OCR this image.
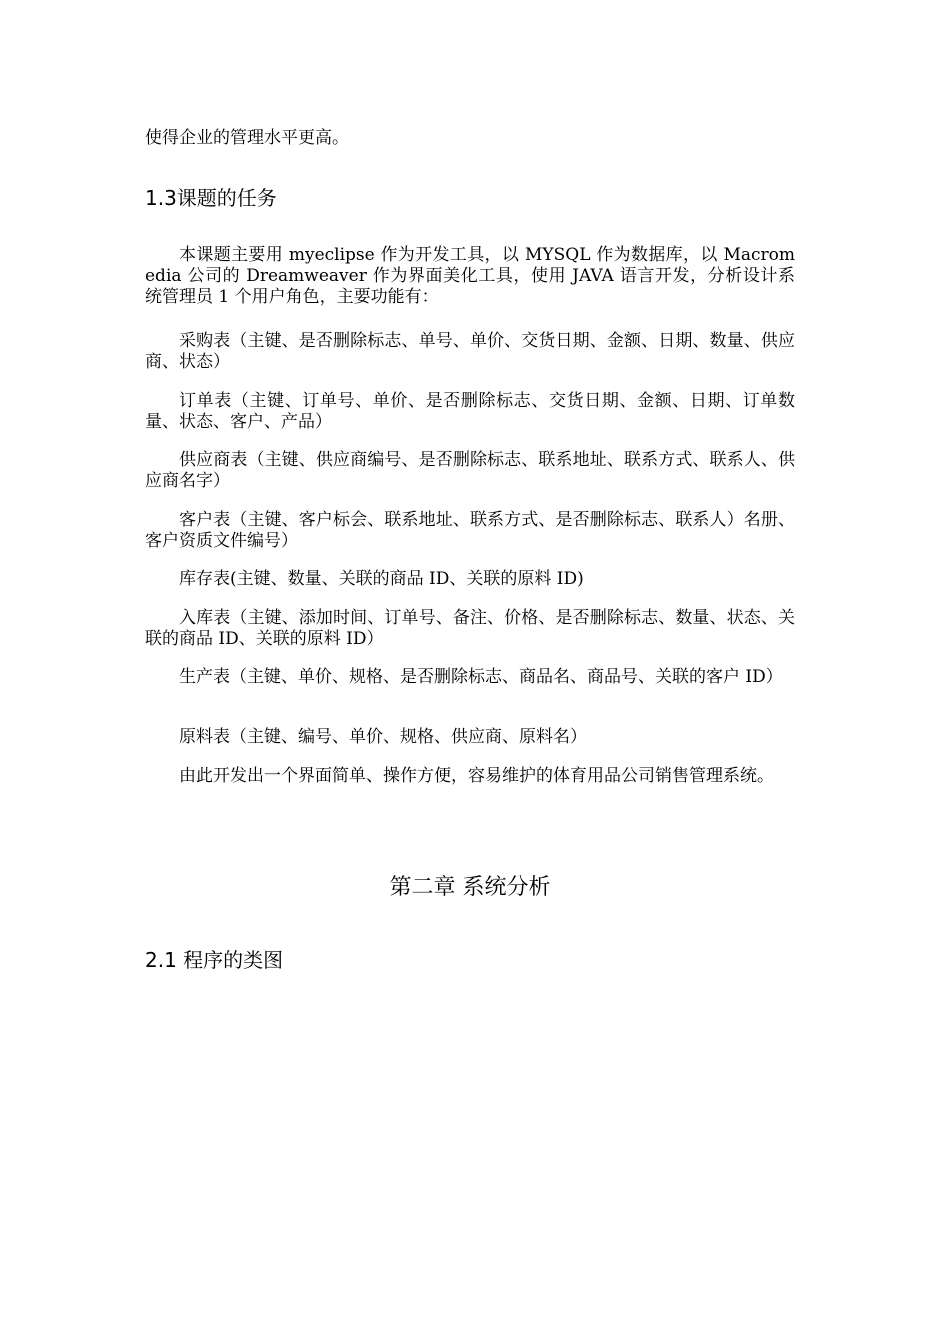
使得企业的管理水平更高。
1.3课题的任务
本课题主要用 myeclipse 作为开发工具，以 MYSQL 作为数据库，以 Macromedia 公司的 Dreamweaver 作为界面美化工具，使用 JAVA 语言开发，分析设计系统管理员 1 个用户角色，主要功能有：
采购表（主键、是否删除标志、单号、单价、交货日期、金额、日期、数量、供应商、状态）
订单表（主键、订单号、单价、是否删除标志、交货日期、金额、日期、订单数量、状态、客户、产品）
供应商表（主键、供应商编号、是否删除标志、联系地址、联系方式、联系人、供应商名字）
客户表（主键、客户标会、联系地址、联系方式、是否删除标志、联系人）名册、客户资质文件编号）
库存表(主键、数量、关联的商品 ID、关联的原料 ID)
入库表（主键、添加时间、订单号、备注、价格、是否删除标志、数量、状态、关联的商品 ID、关联的原料 ID）
生产表（主键、单价、规格、是否删除标志、商品名、商品号、关联的客户 ID）
原料表（主键、编号、单价、规格、供应商、原料名）
由此开发出一个界面简单、操作方便，容易维护的体育用品公司销售管理系统。
第二章 系统分析
2.1 程序的类图
